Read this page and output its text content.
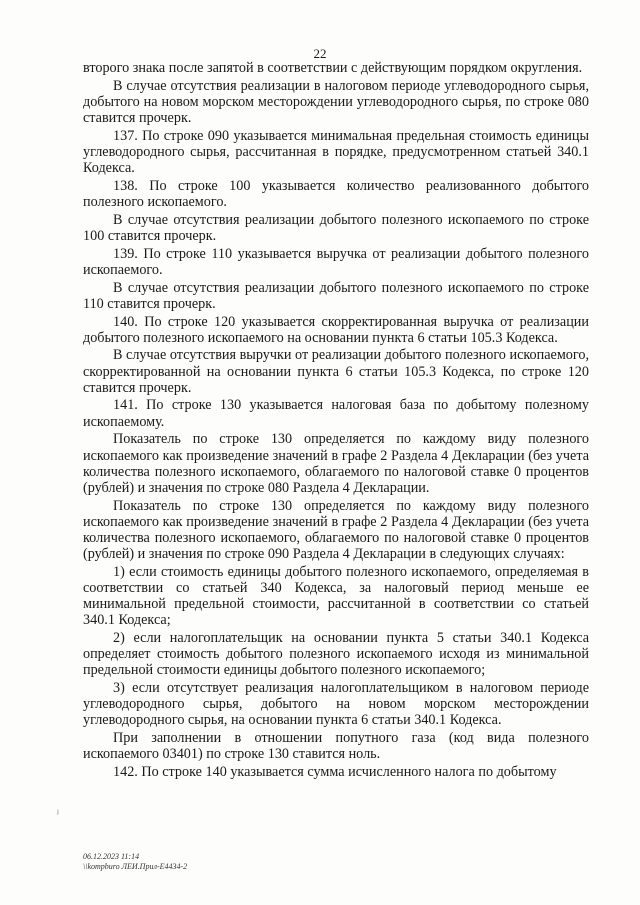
22

второго знака после запятой в соответствии с действующим порядком округления.

В случае отсутствия реализации в налоговом периоде углеводородного сырья, добытого на новом морском месторождении углеводородного сырья, по строке 080 ставится прочерк.

137. По строке 090 указывается минимальная предельная стоимость единицы углеводородного сырья, рассчитанная в порядке, предусмотренном статьей 340.1 Кодекса.

138. По строке 100 указывается количество реализованного добытого полезного ископаемого.

В случае отсутствия реализации добытого полезного ископаемого по строке 100 ставится прочерк.

139. По строке 110 указывается выручка от реализации добытого полезного ископаемого.

В случае отсутствия реализации добытого полезного ископаемого по строке 110 ставится прочерк.

140. По строке 120 указывается скорректированная выручка от реализации добытого полезного ископаемого на основании пункта 6 статьи 105.3 Кодекса.

В случае отсутствия выручки от реализации добытого полезного ископаемого, скорректированной на основании пункта 6 статьи 105.3 Кодекса, по строке 120 ставится прочерк.

141. По строке 130 указывается налоговая база по добытому полезному ископаемому.

Показатель по строке 130 определяется по каждому виду полезного ископаемого как произведение значений в графе 2 Раздела 4 Декларации (без учета количества полезного ископаемого, облагаемого по налоговой ставке 0 процентов (рублей) и значения по строке 080 Раздела 4 Декларации.

Показатель по строке 130 определяется по каждому виду полезного ископаемого как произведение значений в графе 2 Раздела 4 Декларации (без учета количества полезного ископаемого, облагаемого по налоговой ставке 0 процентов (рублей) и значения по строке 090 Раздела 4 Декларации в следующих случаях:

1) если стоимость единицы добытого полезного ископаемого, определяемая в соответствии со статьей 340 Кодекса, за налоговый период меньше ее минимальной предельной стоимости, рассчитанной в соответствии со статьей 340.1 Кодекса;

2) если налогоплательщик на основании пункта 5 статьи 340.1 Кодекса определяет стоимость добытого полезного ископаемого исходя из минимальной предельной стоимости единицы добытого полезного ископаемого;

3) если отсутствует реализация налогоплательщиком в налоговом периоде углеводородного сырья, добытого на новом морском месторождении углеводородного сырья, на основании пункта 6 статьи 340.1 Кодекса.

При заполнении в отношении попутного газа (код вида полезного ископаемого 03401) по строке 130 ставится ноль.

142. По строке 140 указывается сумма исчисленного налога по добытому

ʲ
06.12.2023 11:14
\\kompburo ЛЕИ.Прил-Е4434-2
